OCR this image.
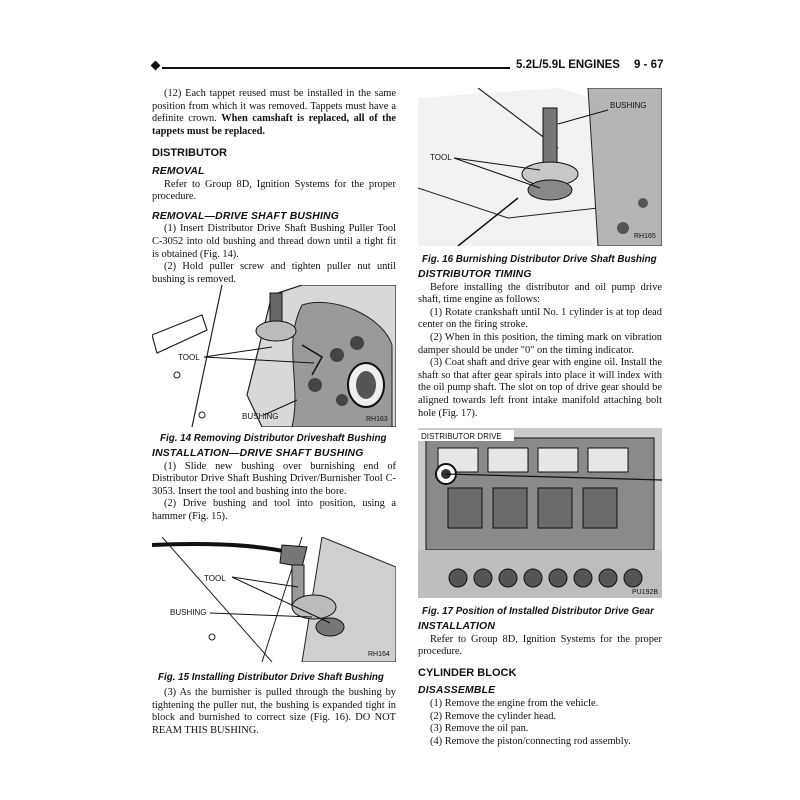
5.2L/5.9L ENGINES 9 - 67

(12) Each tappet reused must be installed in the same position from which it was removed. Tappets must have a definite crown. When camshaft is replaced, all of the tappets must be replaced.

DISTRIBUTOR

REMOVAL

Refer to Group 8D, Ignition Systems for the proper procedure.

REMOVAL—DRIVE SHAFT BUSHING

(1) Insert Distributor Drive Shaft Bushing Puller Tool C-3052 into old bushing and thread down until a tight fit is obtained (Fig. 14).

(2) Hold puller screw and tighten puller nut until bushing is removed.

TOOL
BUSHING	RH163
Fig. 14 Removing Distributor Driveshaft Bushing

INSTALLATION—DRIVE SHAFT BUSHING

(1) Slide new bushing over burnishing end of Distributor Drive Shaft Bushing Driver/Burnisher Tool C-3053. Insert the tool and bushing into the bore.

(2) Drive bushing and tool into position, using a hammer (Fig. 15).

TOOL
BUSHING
RH164
Fig. 15 Installing Distributor Drive Shaft Bushing

(3) As the burnisher is pulled through the bushing by tightening the puller nut, the bushing is expanded tight in block and burnished to correct size (Fig. 16). DO NOT REAM THIS BUSHING.

BUSHING
TOOL
RH165
Fig. 16 Burnishing Distributor Drive Shaft Bushing

DISTRIBUTOR TIMING

Before installing the distributor and oil pump drive shaft, time engine as follows:

(1) Rotate crankshaft until No. 1 cylinder is at top dead center on the firing stroke.

(2) When in this position, the timing mark on vibration damper should be under "0" on the timing indicator.

(3) Coat shaft and drive gear with engine oil. Install the shaft so that after gear spirals into place it will index with the oil pump shaft. The slot on top of drive gear should be aligned towards left front intake manifold attaching bolt hole (Fig. 17).

DISTRIBUTOR DRIVE
PU192B
Fig. 17 Position of Installed Distributor Drive Gear

INSTALLATION

Refer to Group 8D, Ignition Systems for the proper procedure.

CYLINDER BLOCK

DISASSEMBLE

(1) Remove the engine from the vehicle.

(2) Remove the cylinder head.

(3) Remove the oil pan.

(4) Remove the piston/connecting rod assembly.
